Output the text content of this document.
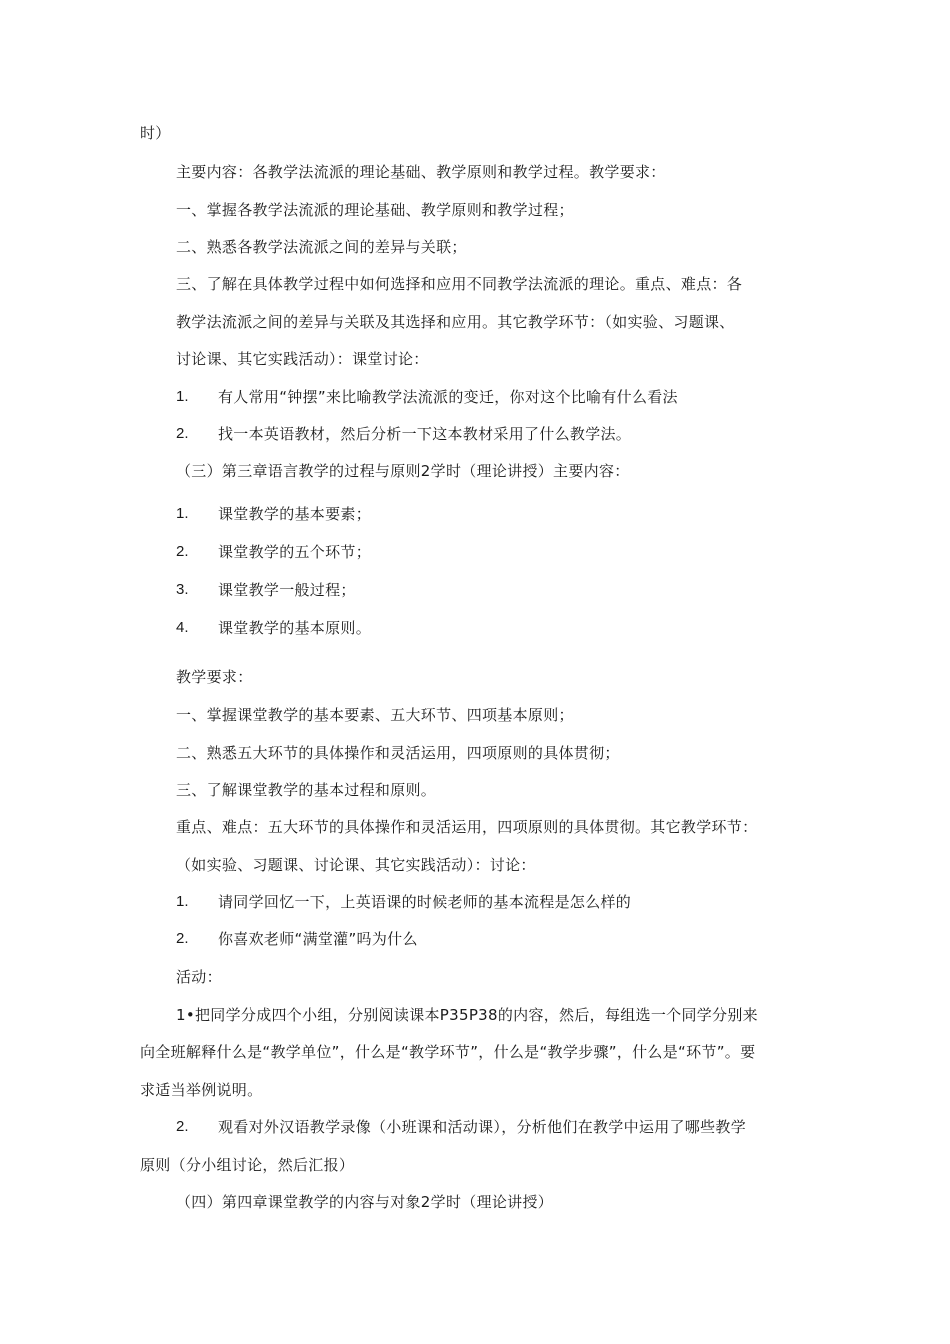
时）
主要内容：各教学法流派的理论基础、教学原则和教学过程。教学要求：
一、掌握各教学法流派的理论基础、教学原则和教学过程；
二、熟悉各教学法流派之间的差异与关联；
三、了解在具体教学过程中如何选择和应用不同教学法流派的理论。重点、难点：各
教学法流派之间的差异与关联及其选择和应用。其它教学环节：（如实验、习题课、
讨论课、其它实践活动）：课堂讨论：
1. 有人常用“钟摆”来比喻教学法流派的变迁，你对这个比喻有什么看法
2. 找一本英语教材，然后分析一下这本教材采用了什么教学法。
（三）第三章语言教学的过程与原则2学时（理论讲授）主要内容：
1. 课堂教学的基本要素；
2. 课堂教学的五个环节；
3. 课堂教学一般过程；
4. 课堂教学的基本原则。
教学要求：
一、掌握课堂教学的基本要素、五大环节、四项基本原则；
二、熟悉五大环节的具体操作和灵活运用，四项原则的具体贯彻；
三、了解课堂教学的基本过程和原则。
重点、难点：五大环节的具体操作和灵活运用，四项原则的具体贯彻。其它教学环节：
（如实验、习题课、讨论课、其它实践活动）：讨论：
1. 请同学回忆一下，上英语课的时候老师的基本流程是怎么样的
2. 你喜欢老师“满堂灌”吗为什么
活动：
1•把同学分成四个小组，分别阅读课本P35P38的内容，然后，每组选一个同学分别来
向全班解释什么是“教学单位”，什么是“教学环节”，什么是“教学步骤”，什么是“环节”。要
求适当举例说明。
2. 观看对外汉语教学录像（小班课和活动课），分析他们在教学中运用了哪些教学
原则（分小组讨论，然后汇报）
（四）第四章课堂教学的内容与对象2学时（理论讲授）
